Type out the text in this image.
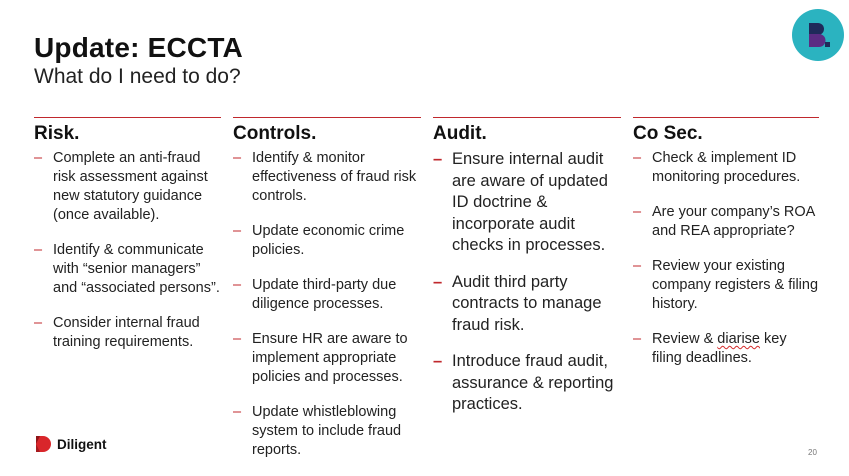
Update: ECCTA
What do I need to do?
Risk.
– Complete an anti-fraud risk assessment against new statutory guidance (once available).
– Identify & communicate with “senior managers” and “associated persons”.
– Consider internal fraud training requirements.
Controls.
– Identify & monitor effectiveness of fraud risk controls.
– Update economic crime policies.
– Update third-party due diligence processes.
– Ensure HR are aware to implement appropriate policies and processes.
– Update whistleblowing system to include fraud reports.
Audit.
– Ensure internal audit are aware of updated ID doctrine & incorporate audit checks in processes.
– Audit third party contracts to manage fraud risk.
– Introduce fraud audit, assurance & reporting practices.
Co Sec.
– Check & implement ID monitoring procedures.
– Are your company’s ROA and REA appropriate?
– Review your existing company registers & filing history.
– Review & diarise key filing deadlines.
Diligent
20
